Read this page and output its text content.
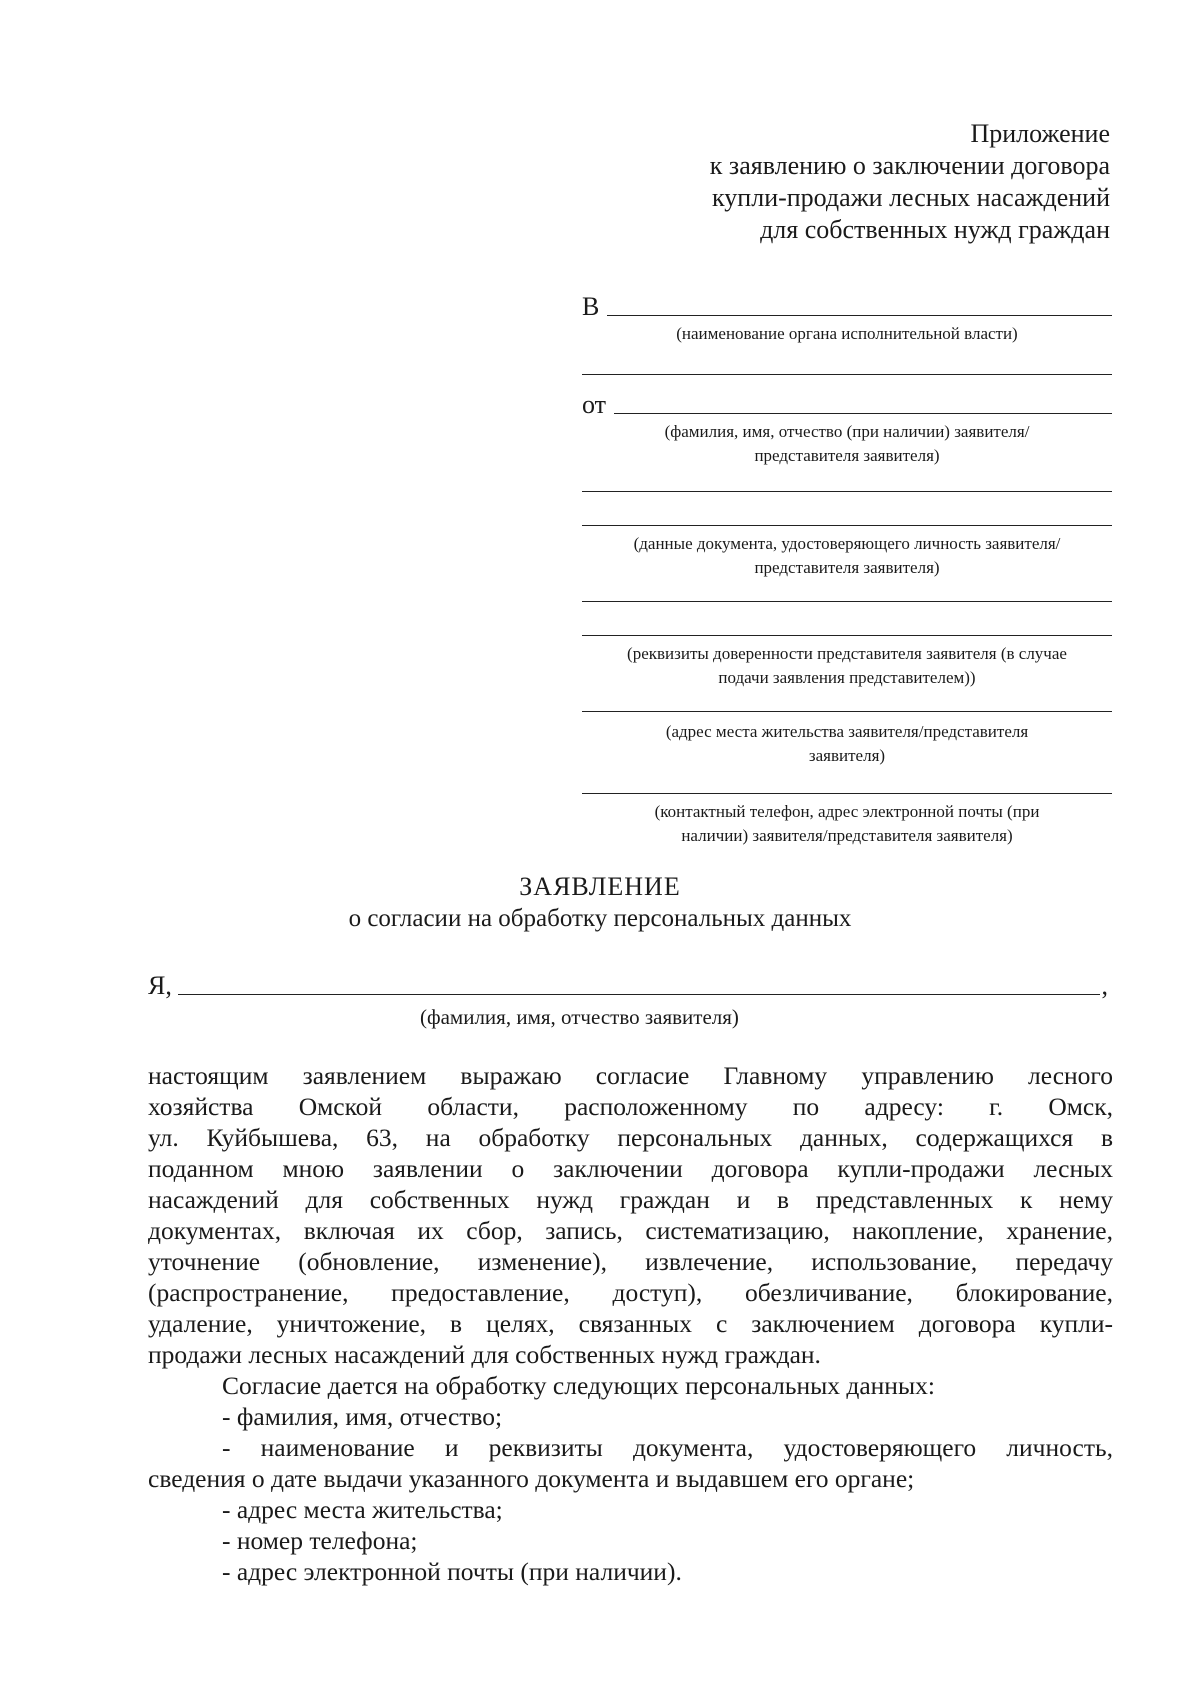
Приложение
к заявлению о заключении договора
купли-продажи лесных насаждений
для собственных нужд граждан
В
(наименование органа исполнительной власти)
от
(фамилия, имя, отчество (при наличии) заявителя/
представителя заявителя)
(данные документа, удостоверяющего личность заявителя/
представителя заявителя)
(реквизиты доверенности представителя заявителя (в случае
подачи заявления представителем))
(адрес места жительства заявителя/представителя
заявителя)
(контактный телефон, адрес электронной почты (при
наличии) заявителя/представителя заявителя)
ЗАЯВЛЕНИЕ
о согласии на обработку персональных данных
Я,	,
(фамилия, имя, отчество заявителя)

настоящим заявлением выражаю согласие Главному управлению лесного

хозяйства Омской области, расположенному по адресу: г. Омск,

ул. Куйбышева, 63, на обработку персональных данных, содержащихся в

поданном мною заявлении о заключении договора купли-продажи лесных

насаждений для собственных нужд граждан и в представленных к нему

документах, включая их сбор, запись, систематизацию, накопление, хранение,

уточнение (обновление, изменение), извлечение, использование, передачу

(распространение, предоставление, доступ), обезличивание, блокирование,

удаление, уничтожение, в целях, связанных с заключением договора купли-

продажи лесных насаждений для собственных нужд граждан.

Согласие дается на обработку следующих персональных данных:

- фамилия, имя, отчество;

- наименование и реквизиты документа, удостоверяющего личность,

сведения о дате выдачи указанного документа и выдавшем его органе;

- адрес места жительства;

- номер телефона;

- адрес электронной почты (при наличии).
